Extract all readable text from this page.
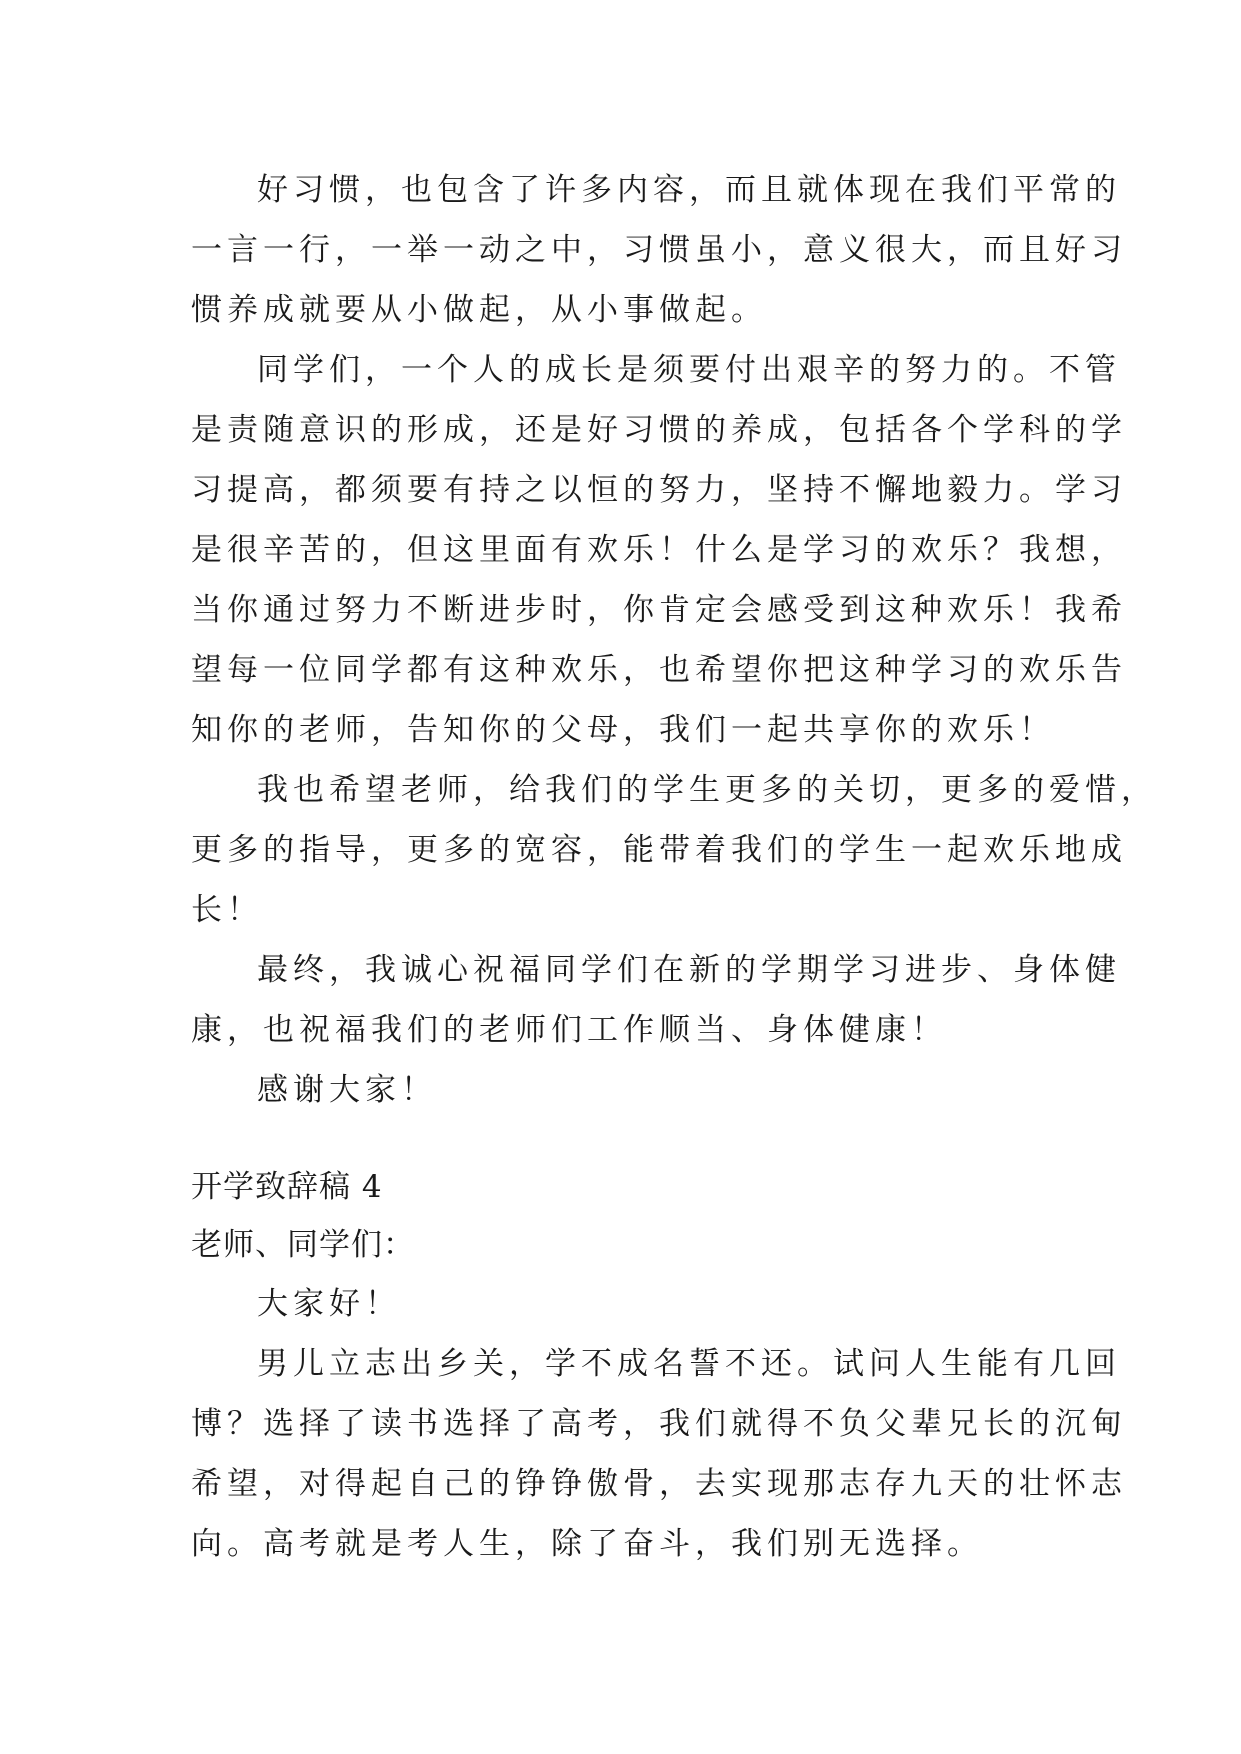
好习惯，也包含了许多内容，而且就体现在我们平常的
一言一行，一举一动之中，习惯虽小，意义很大，而且好习
惯养成就要从小做起，从小事做起。
同学们，一个人的成长是须要付出艰辛的努力的。不管
是责随意识的形成，还是好习惯的养成，包括各个学科的学
习提高，都须要有持之以恒的努力，坚持不懈地毅力。学习
是很辛苦的，但这里面有欢乐！什么是学习的欢乐？我想，
当你通过努力不断进步时，你肯定会感受到这种欢乐！我希
望每一位同学都有这种欢乐，也希望你把这种学习的欢乐告
知你的老师，告知你的父母，我们一起共享你的欢乐！
我也希望老师，给我们的学生更多的关切，更多的爱惜，
更多的指导，更多的宽容，能带着我们的学生一起欢乐地成
长！
最终，我诚心祝福同学们在新的学期学习进步、身体健
康，也祝福我们的老师们工作顺当、身体健康！
感谢大家！
开学致辞稿 4
老师、同学们：
大家好！
男儿立志出乡关，学不成名誓不还。试问人生能有几回
博？选择了读书选择了高考，我们就得不负父辈兄长的沉甸
希望，对得起自己的铮铮傲骨，去实现那志存九天的壮怀志
向。高考就是考人生，除了奋斗，我们别无选择。
